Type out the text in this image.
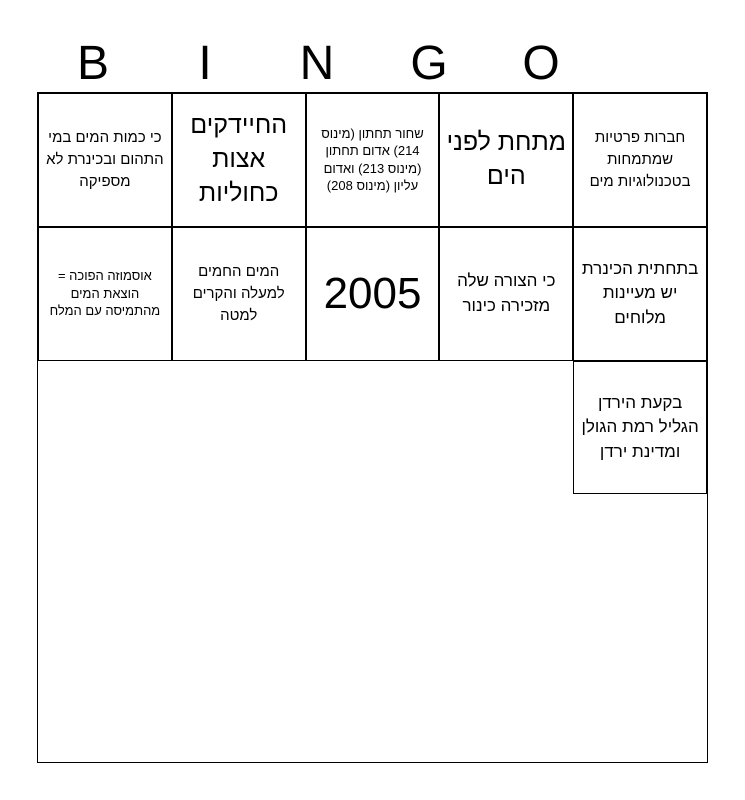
B	I	N	G	O
חברות פרטיות שמתמחות בטכנולוגיות מים
מתחת לפני הים
שחור תחתון (מינוס 214) אדום תחתון (מינוס 213) ואדום עליון (מינוס 208)
החיידקים אצות כחוליות
כי כמות המים במי התהום ובכינרת לא מספיקה
בתחתית הכינרת יש מעיינות מלוחים
כי הצורה שלה מזכירה כינור
2005
המים החמים למעלה והקרים למטה
אוסמוזה הפוכה = הוצאת המים מהתמיסה עם המלח
בקעת הירדן הגליל רמת הגולן ומדינת ירדן
